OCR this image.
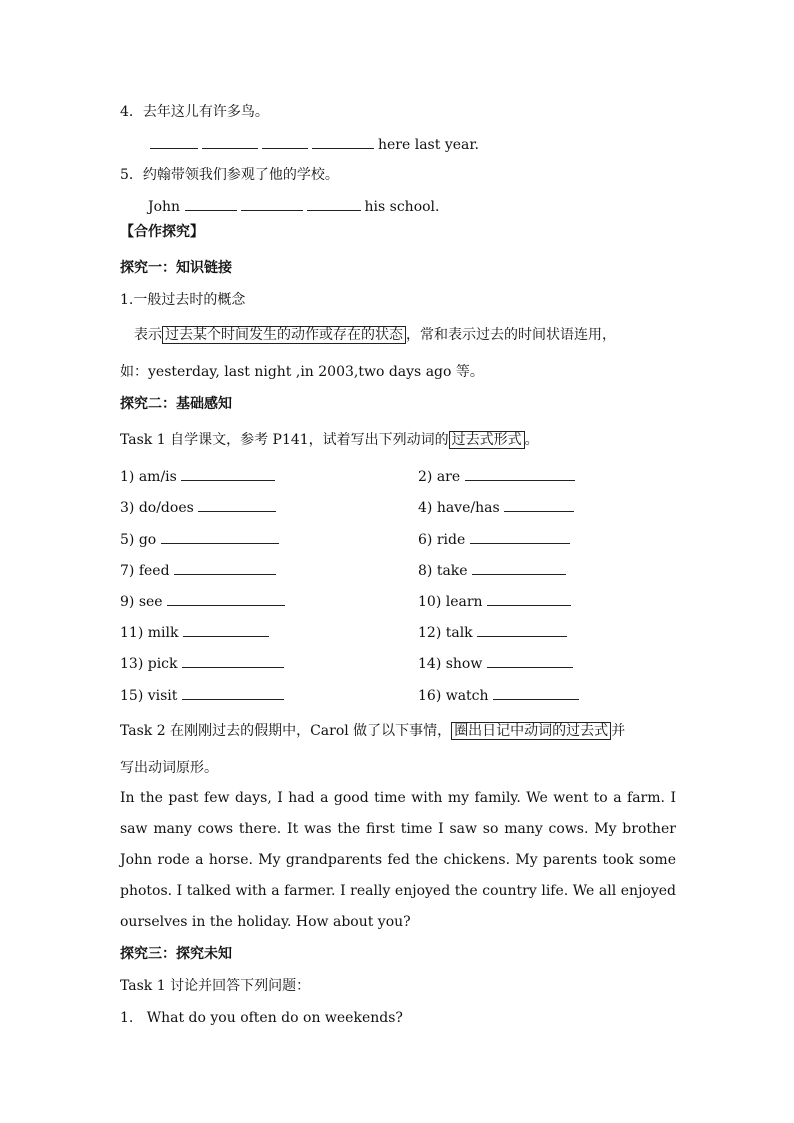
4．去年这儿有许多鸟。
here last year.
5．约翰带领我们参观了他的学校。
John	his school.
【合作探究】
探究一：知识链接
1.一般过去时的概念
表示 过去某个时间发生的动作或存在的状态 ，常和表示过去的时间状语连用，
如：yesterday, last night ,in 2003,two days ago 等。
探究二：基础感知
Task 1 自学课文，参考 P141，试着写出下列动词的 过去式形式 。
1) am/is
3) do/does
5) go
7) feed
9) see
11) milk
13) pick
15) visit
2) are
4) have/has
6) ride
8) take
10) learn
12) talk
14) show
16) watch
Task 2 在刚刚过去的假期中，Carol 做了以下事情， 圈出日记中动词的过去式 并
写出动词原形。
In the past few days, I had a good time with my family. We went to a farm. I saw many cows there. It was the first time I saw so many cows. My brother John rode a horse. My grandparents fed the chickens. My parents took some photos. I talked with a farmer. I really enjoyed the country life. We all enjoyed ourselves in the holiday. How about you?
探究三：探究未知
Task 1 讨论并回答下列问题：
1. What do you often do on weekends?
